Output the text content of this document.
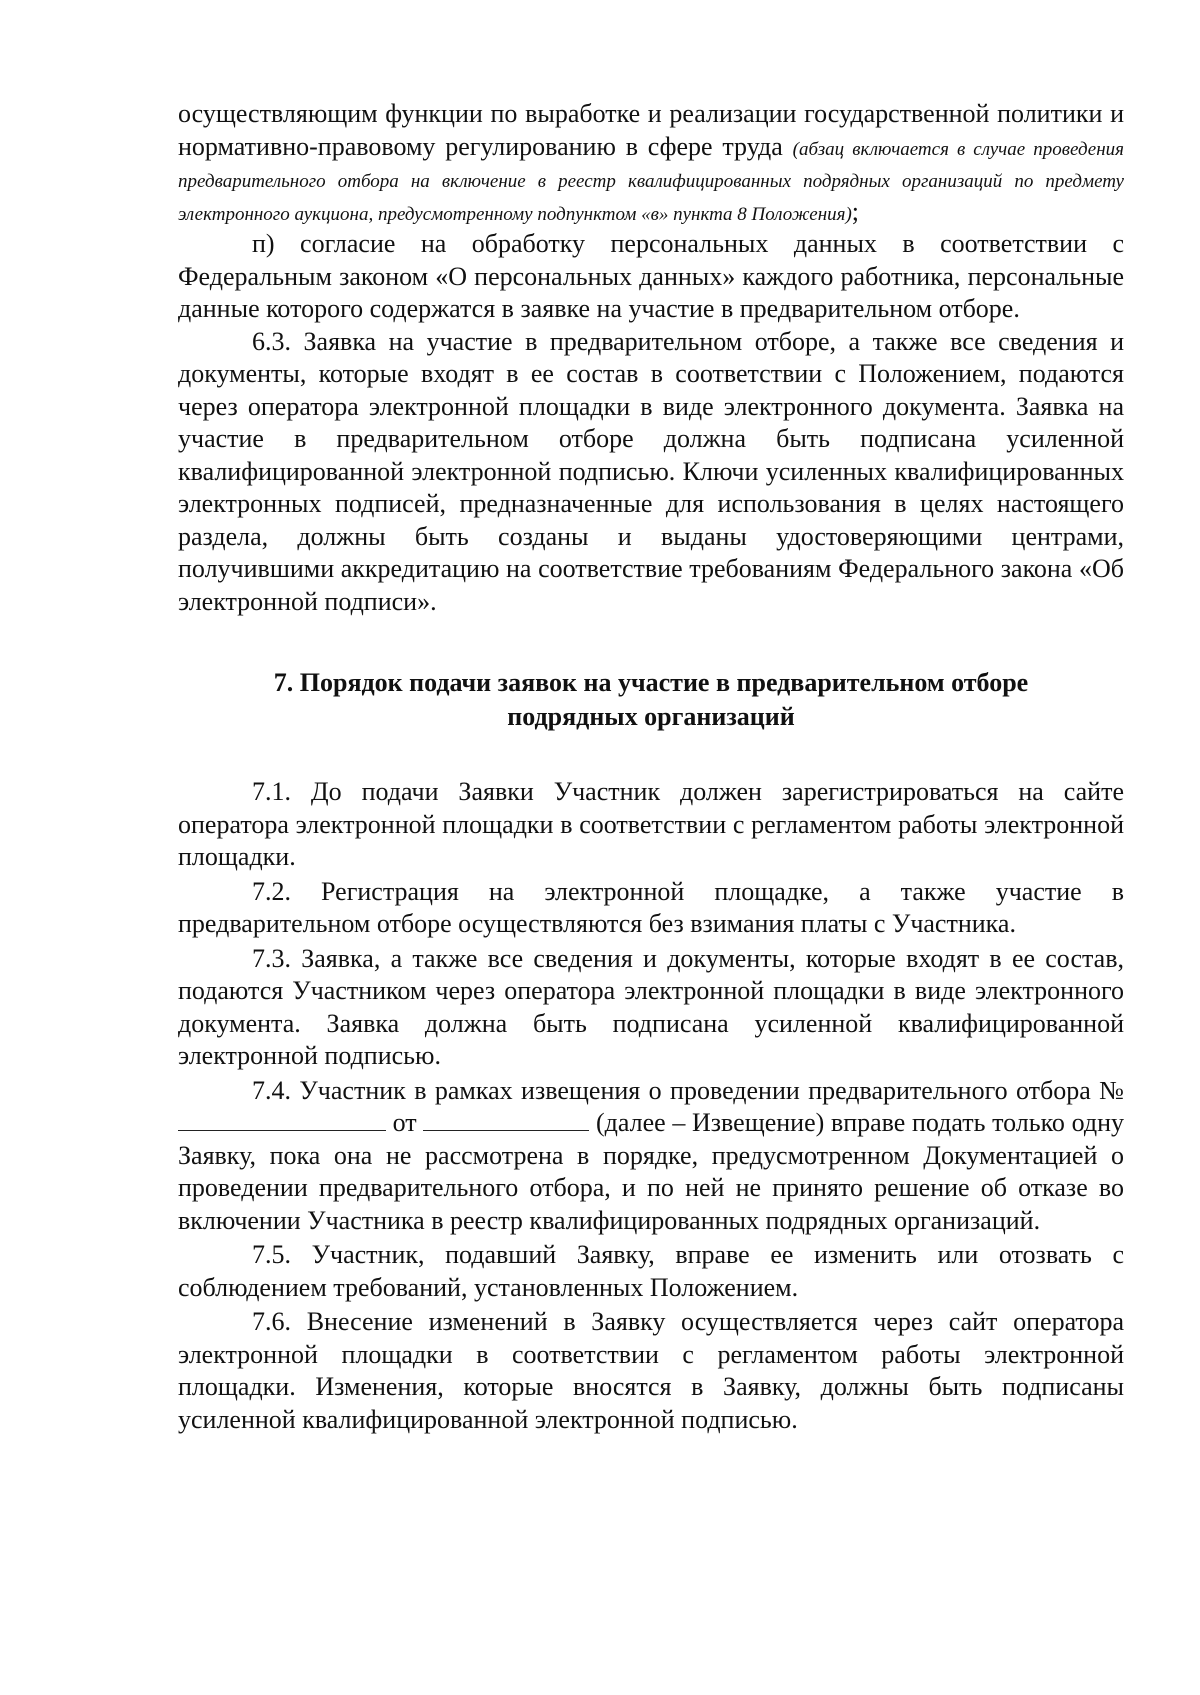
осуществляющим функции по выработке и реализации государственной политики и нормативно-правовому регулированию в сфере труда (абзац включается в случае проведения предварительного отбора на включение в реестр квалифицированных подрядных организаций по предмету электронного аукциона, предусмотренному подпунктом «в» пункта 8 Положения);

п) согласие на обработку персональных данных в соответствии с Федеральным законом «О персональных данных» каждого работника, персональные данные которого содержатся в заявке на участие в предварительном отборе.

6.3. Заявка на участие в предварительном отборе, а также все сведения и документы, которые входят в ее состав в соответствии с Положением, подаются через оператора электронной площадки в виде электронного документа. Заявка на участие в предварительном отборе должна быть подписана усиленной квалифицированной электронной подписью. Ключи усиленных квалифицированных электронных подписей, предназначенные для использования в целях настоящего раздела, должны быть созданы и выданы удостоверяющими центрами, получившими аккредитацию на соответствие требованиям Федерального закона «Об электронной подписи».

7. Порядок подачи заявок на участие в предварительном отборе
подрядных организаций

7.1. До подачи Заявки Участник должен зарегистрироваться на сайте оператора электронной площадки в соответствии с регламентом работы электронной площадки.

7.2. Регистрация на электронной площадке, а также участие в предварительном отборе осуществляются без взимания платы с Участника.

7.3. Заявка, а также все сведения и документы, которые входят в ее состав, подаются Участником через оператора электронной площадки в виде электронного документа. Заявка должна быть подписана усиленной квалифицированной электронной подписью.

7.4. Участник в рамках извещения о проведении предварительного отбора №  от	(далее – Извещение) вправе подать только одну Заявку, пока она не рассмотрена в порядке, предусмотренном Документацией о проведении предварительного отбора, и по ней не принято решение об отказе во включении Участника в реестр квалифицированных подрядных организаций.

7.5. Участник, подавший Заявку, вправе ее изменить или отозвать с соблюдением требований, установленных Положением.

7.6. Внесение изменений в Заявку осуществляется через сайт оператора электронной площадки в соответствии с регламентом работы электронной площадки. Изменения, которые вносятся в Заявку, должны быть подписаны усиленной квалифицированной электронной подписью.
